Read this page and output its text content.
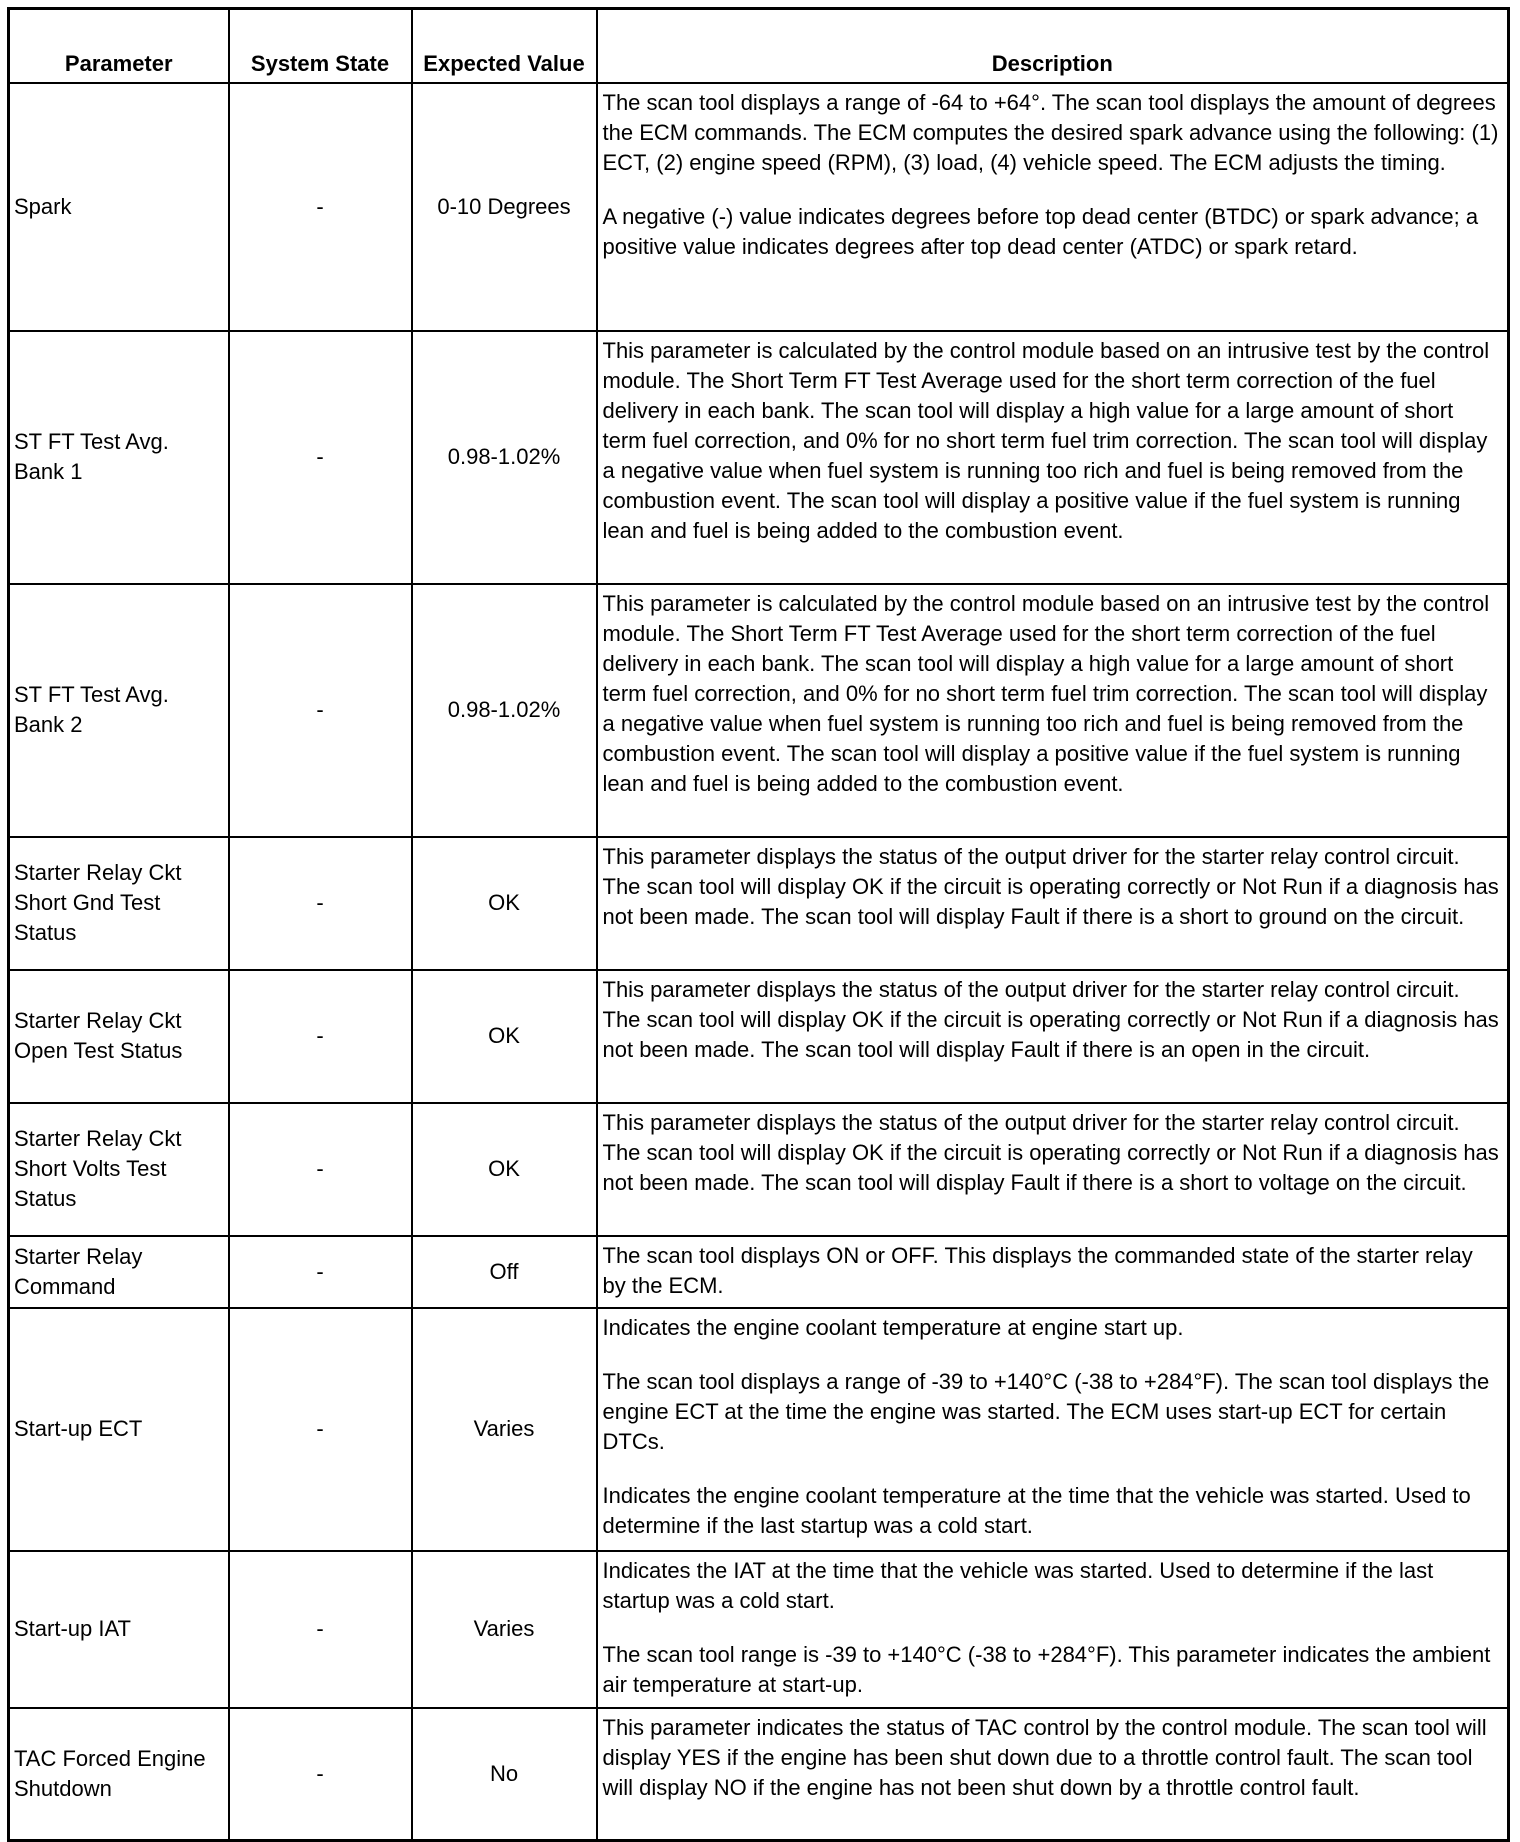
Parameter	System State	Expected Value	Description
Spark	-	0-10 Degrees	The scan tool displays a range of -64 to +64°. The scan tool displays the amount of degrees the ECM commands. The ECM computes the desired spark advance using the following: (1) ECT, (2) engine speed (RPM), (3) load, (4) vehicle speed. The ECM adjusts the timing.

A negative (-) value indicates degrees before top dead center (BTDC) or spark advance; a positive value indicates degrees after top dead center (ATDC) or spark retard.

ST FT Test Avg. Bank 1	-	0.98-1.02%	This parameter is calculated by the control module based on an intrusive test by the control module. The Short Term FT Test Average used for the short term correction of the fuel delivery in each bank. The scan tool will display a high value for a large amount of short term fuel correction, and 0% for no short term fuel trim correction. The scan tool will display a negative value when fuel system is running too rich and fuel is being removed from the combustion event. The scan tool will display a positive value if the fuel system is running lean and fuel is being added to the combustion event.

ST FT Test Avg. Bank 2	-	0.98-1.02%	This parameter is calculated by the control module based on an intrusive test by the control module. The Short Term FT Test Average used for the short term correction of the fuel delivery in each bank. The scan tool will display a high value for a large amount of short term fuel correction, and 0% for no short term fuel trim correction. The scan tool will display a negative value when fuel system is running too rich and fuel is being removed from the combustion event. The scan tool will display a positive value if the fuel system is running lean and fuel is being added to the combustion event.

Starter Relay Ckt Short Gnd Test Status	-	OK	This parameter displays the status of the output driver for the starter relay control circuit. The scan tool will display OK if the circuit is operating correctly or Not Run if a diagnosis has not been made. The scan tool will display Fault if there is a short to ground on the circuit.

Starter Relay Ckt Open Test Status	-	OK	This parameter displays the status of the output driver for the starter relay control circuit. The scan tool will display OK if the circuit is operating correctly or Not Run if a diagnosis has not been made. The scan tool will display Fault if there is an open in the circuit.

Starter Relay Ckt Short Volts Test Status	-	OK	This parameter displays the status of the output driver for the starter relay control circuit. The scan tool will display OK if the circuit is operating correctly or Not Run if a diagnosis has not been made. The scan tool will display Fault if there is a short to voltage on the circuit.

Starter Relay Command	-	Off	The scan tool displays ON or OFF. This displays the commanded state of the starter relay by the ECM.

Start-up ECT	-	Varies	Indicates the engine coolant temperature at engine start up.

The scan tool displays a range of -39 to +140°C (-38 to +284°F). The scan tool displays the engine ECT at the time the engine was started. The ECM uses start-up ECT for certain DTCs.

Indicates the engine coolant temperature at the time that the vehicle was started. Used to determine if the last startup was a cold start.

Start-up IAT	-	Varies	Indicates the IAT at the time that the vehicle was started. Used to determine if the last startup was a cold start.

The scan tool range is -39 to +140°C (-38 to +284°F). This parameter indicates the ambient air temperature at start-up.

TAC Forced Engine Shutdown	-	No	This parameter indicates the status of TAC control by the control module. The scan tool will display YES if the engine has been shut down due to a throttle control fault. The scan tool will display NO if the engine has not been shut down by a throttle control fault.
